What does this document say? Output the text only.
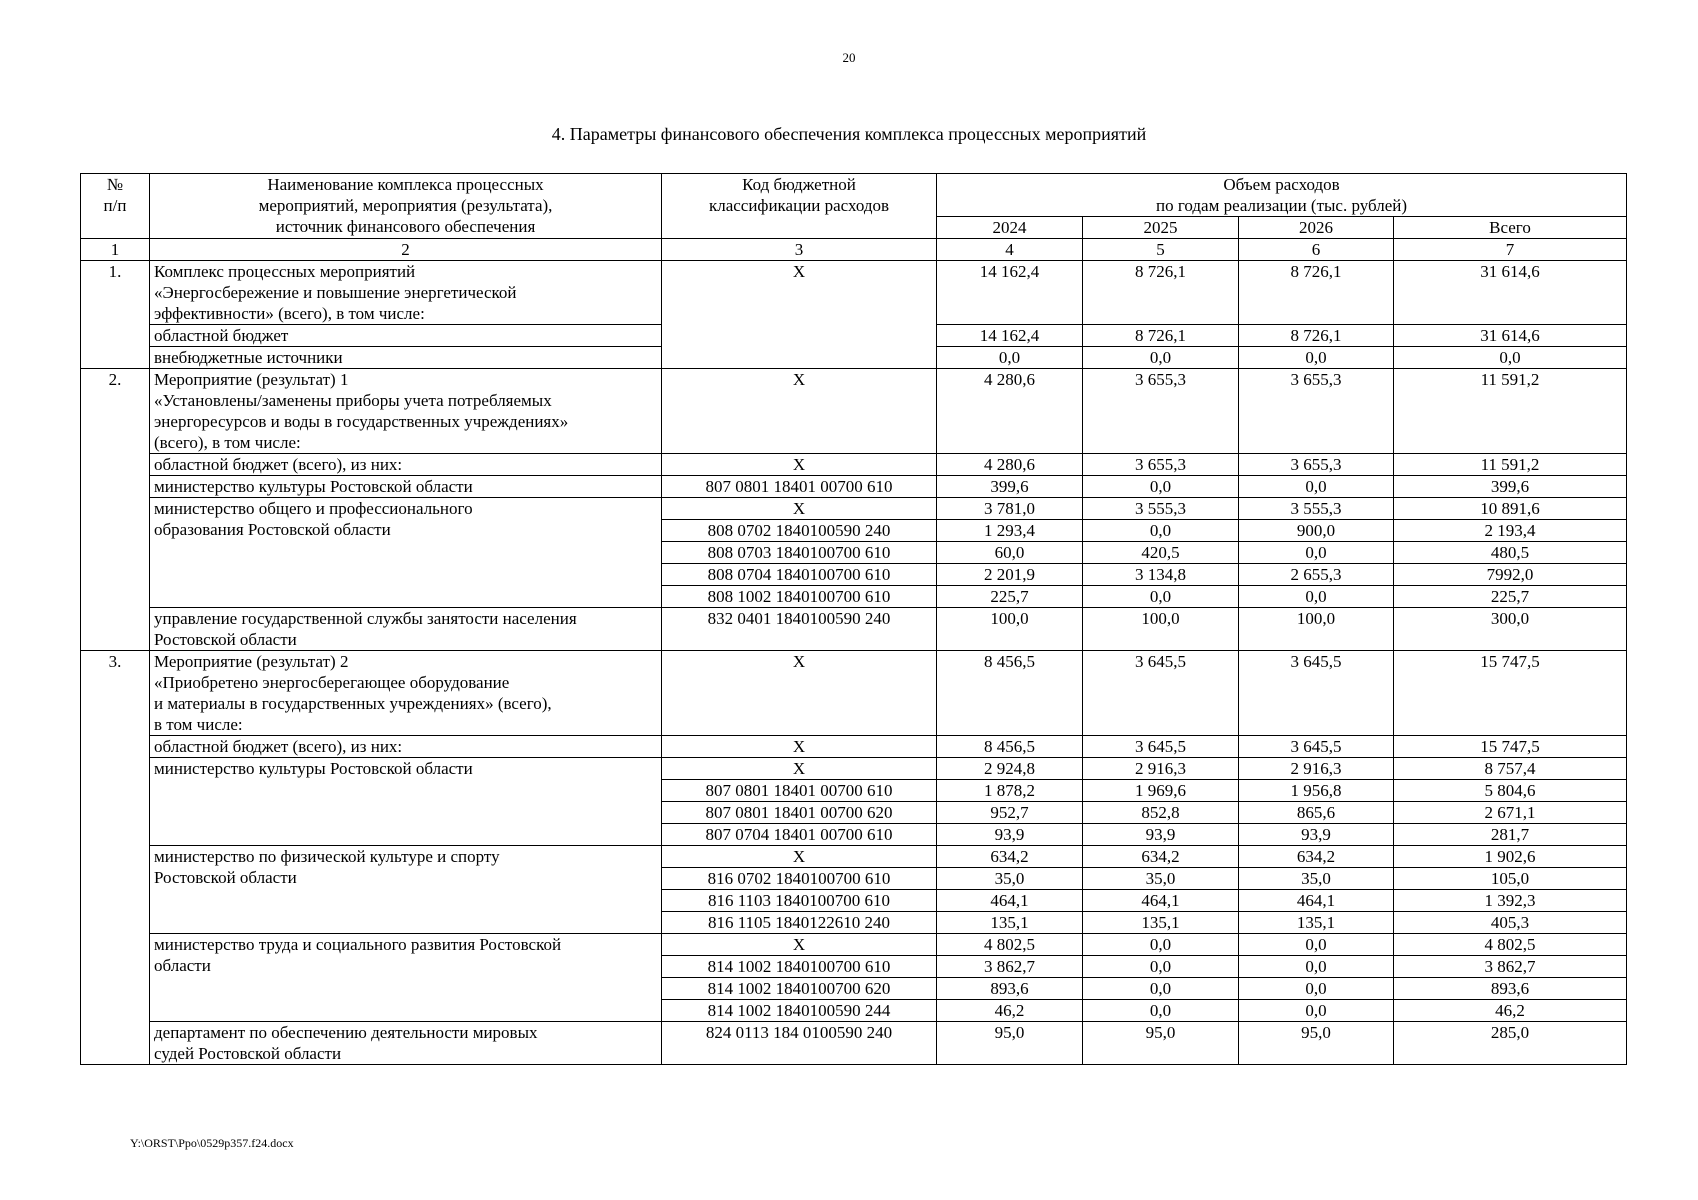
20
4. Параметры финансового обеспечения комплекса процессных мероприятий
№
п/п	Наименование комплекса процессных
мероприятий, мероприятия (результата),
источник финансового обеспечения	Код бюджетной
классификации расходов	Объем расходов
по годам реализации (тыс. рублей)			
			2024	2025	2026	Всего
1	2	3	4	5	6	7
1.	Комплекс процессных мероприятий
«Энергосбережение и повышение энергетической
эффективности» (всего), в том числе:	X	14 162,4	8 726,1	8 726,1	31 614,6
	областной бюджет		14 162,4	8 726,1	8 726,1	31 614,6
	внебюджетные источники		0,0	0,0	0,0	0,0
2.	Мероприятие (результат) 1
«Установлены/заменены приборы учета потребляемых
энергоресурсов и воды в государственных учреждениях»
(всего), в том числе:	X	4 280,6	3 655,3	3 655,3	11 591,2
	областной бюджет (всего), из них:	X	4 280,6	3 655,3	3 655,3	11 591,2
	министерство культуры Ростовской области	807 0801 18401 00700 610	399,6	0,0	0,0	399,6
	министерство общего и профессионального
образования Ростовской области	X	3 781,0	3 555,3	3 555,3	10 891,6
		808 0702 1840100590 240	1 293,4	0,0	900,0	2 193,4
		808 0703 1840100700 610	60,0	420,5	0,0	480,5
		808 0704 1840100700 610	2 201,9	3 134,8	2 655,3	7992,0
		808 1002 1840100700 610	225,7	0,0	0,0	225,7
	управление государственной службы занятости населения
Ростовской области	832 0401 1840100590 240	100,0	100,0	100,0	300,0
3.	Мероприятие (результат) 2
«Приобретено энергосберегающее оборудование
и материалы в государственных учреждениях» (всего),
в том числе:	X	8 456,5	3 645,5	3 645,5	15 747,5
	областной бюджет (всего), из них:	X	8 456,5	3 645,5	3 645,5	15 747,5
	министерство культуры Ростовской области	X	2 924,8	2 916,3	2 916,3	8 757,4
		807 0801 18401 00700 610	1 878,2	1 969,6	1 956,8	5 804,6
		807 0801 18401 00700 620	952,7	852,8	865,6	2 671,1
		807 0704 18401 00700 610	93,9	93,9	93,9	281,7
	министерство по физической культуре и спорту
Ростовской области	X	634,2	634,2	634,2	1 902,6
		816 0702 1840100700 610	35,0	35,0	35,0	105,0
		816 1103 1840100700 610	464,1	464,1	464,1	1 392,3
		816 1105 1840122610 240	135,1	135,1	135,1	405,3
	министерство труда и социального развития Ростовской
области	X	4 802,5	0,0	0,0	4 802,5
		814 1002 1840100700 610	3 862,7	0,0	0,0	3 862,7
		814 1002 1840100700 620	893,6	0,0	0,0	893,6
		814 1002 1840100590 244	46,2	0,0	0,0	46,2
	департамент по обеспечению деятельности мировых
судей Ростовской области	824 0113 184 0100590 240	95,0	95,0	95,0	285,0
Y:\ORST\Ppo\0529p357.f24.docx
